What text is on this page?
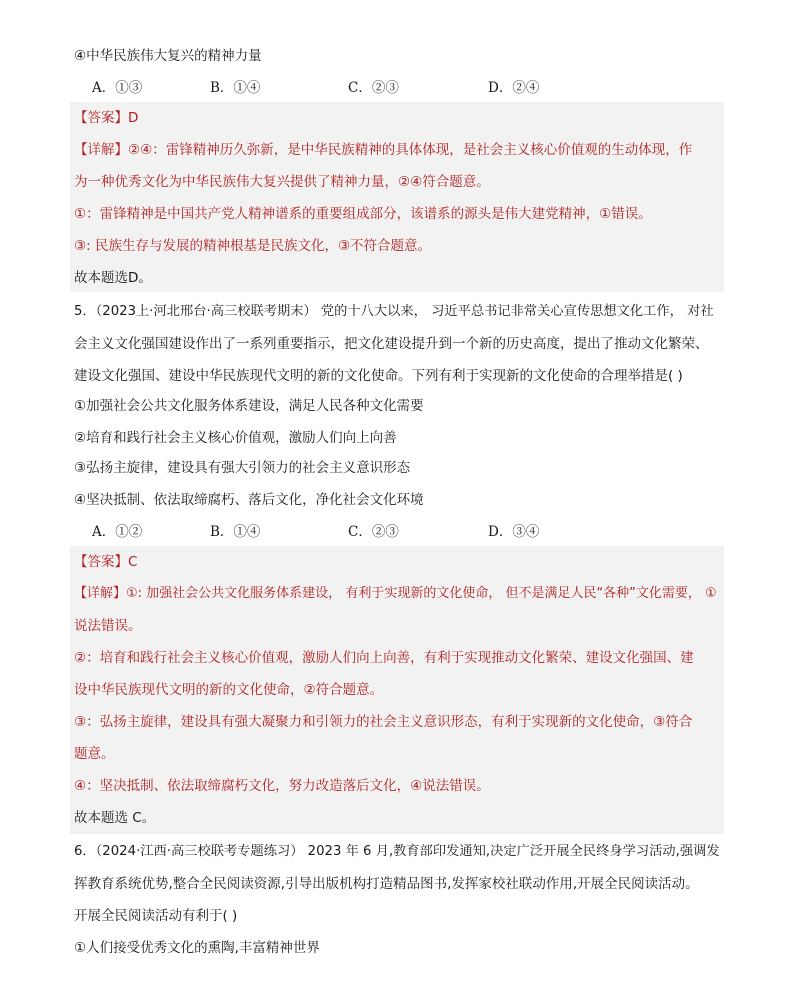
④中华民族伟大复兴的精神力量
A．①③	B．①④	C．②③	D．②④
【答案】D
【详解】②④：雷锋精神历久弥新，是中华民族精神的具体体现，是社会主义核心价值观的生动体现，作
为一种优秀文化为中华民族伟大复兴提供了精神力量，②④符合题意。
①：雷锋精神是中国共产党人精神谱系的重要组成部分，该谱系的源头是伟大建党精神，①错误。
③: 民族生存与发展的精神根基是民族文化，③不符合题意。
故本题选D。
5．（2023上·河北邢台·高三校联考期末） 党的十八大以来， 习近平总书记非常关心宣传思想文化工作， 对社
会主义文化强国建设作出了一系列重要指示，把文化建设提升到一个新的历史高度，提出了推动文化繁荣、
建设文化强国、建设中华民族现代文明的新的文化使命。下列有利于实现新的文化使命的合理举措是( )
①加强社会公共文化服务体系建设，满足人民各种文化需要
②培育和践行社会主义核心价值观，激励人们向上向善
③弘扬主旋律，建设具有强大引领力的社会主义意识形态
④坚决抵制、依法取缔腐朽、落后文化，净化社会文化环境
A．①②	B．①④	C．②③	D．③④
【答案】C
【详解】①: 加强社会公共文化服务体系建设， 有利于实现新的文化使命， 但不是满足人民“各种”文化需要， ①
说法错误。
②：培育和践行社会主义核心价值观，激励人们向上向善，有利于实现推动文化繁荣、建设文化强国、建
设中华民族现代文明的新的文化使命，②符合题意。
③：弘扬主旋律，建设具有强大凝聚力和引领力的社会主义意识形态，有利于实现新的文化使命，③符合
题意。
④：坚决抵制、依法取缔腐朽文化，努力改造落后文化，④说法错误。
故本题选 C。
6．（2024·江西·高三校联考专题练习） 2023 年 6 月,教育部印发通知,决定广泛开展全民终身学习活动,强调发
挥教育系统优势,整合全民阅读资源,引导出版机构打造精品图书,发挥家校社联动作用,开展全民阅读活动。
开展全民阅读活动有利于( )
①人们接受优秀文化的熏陶,丰富精神世界
